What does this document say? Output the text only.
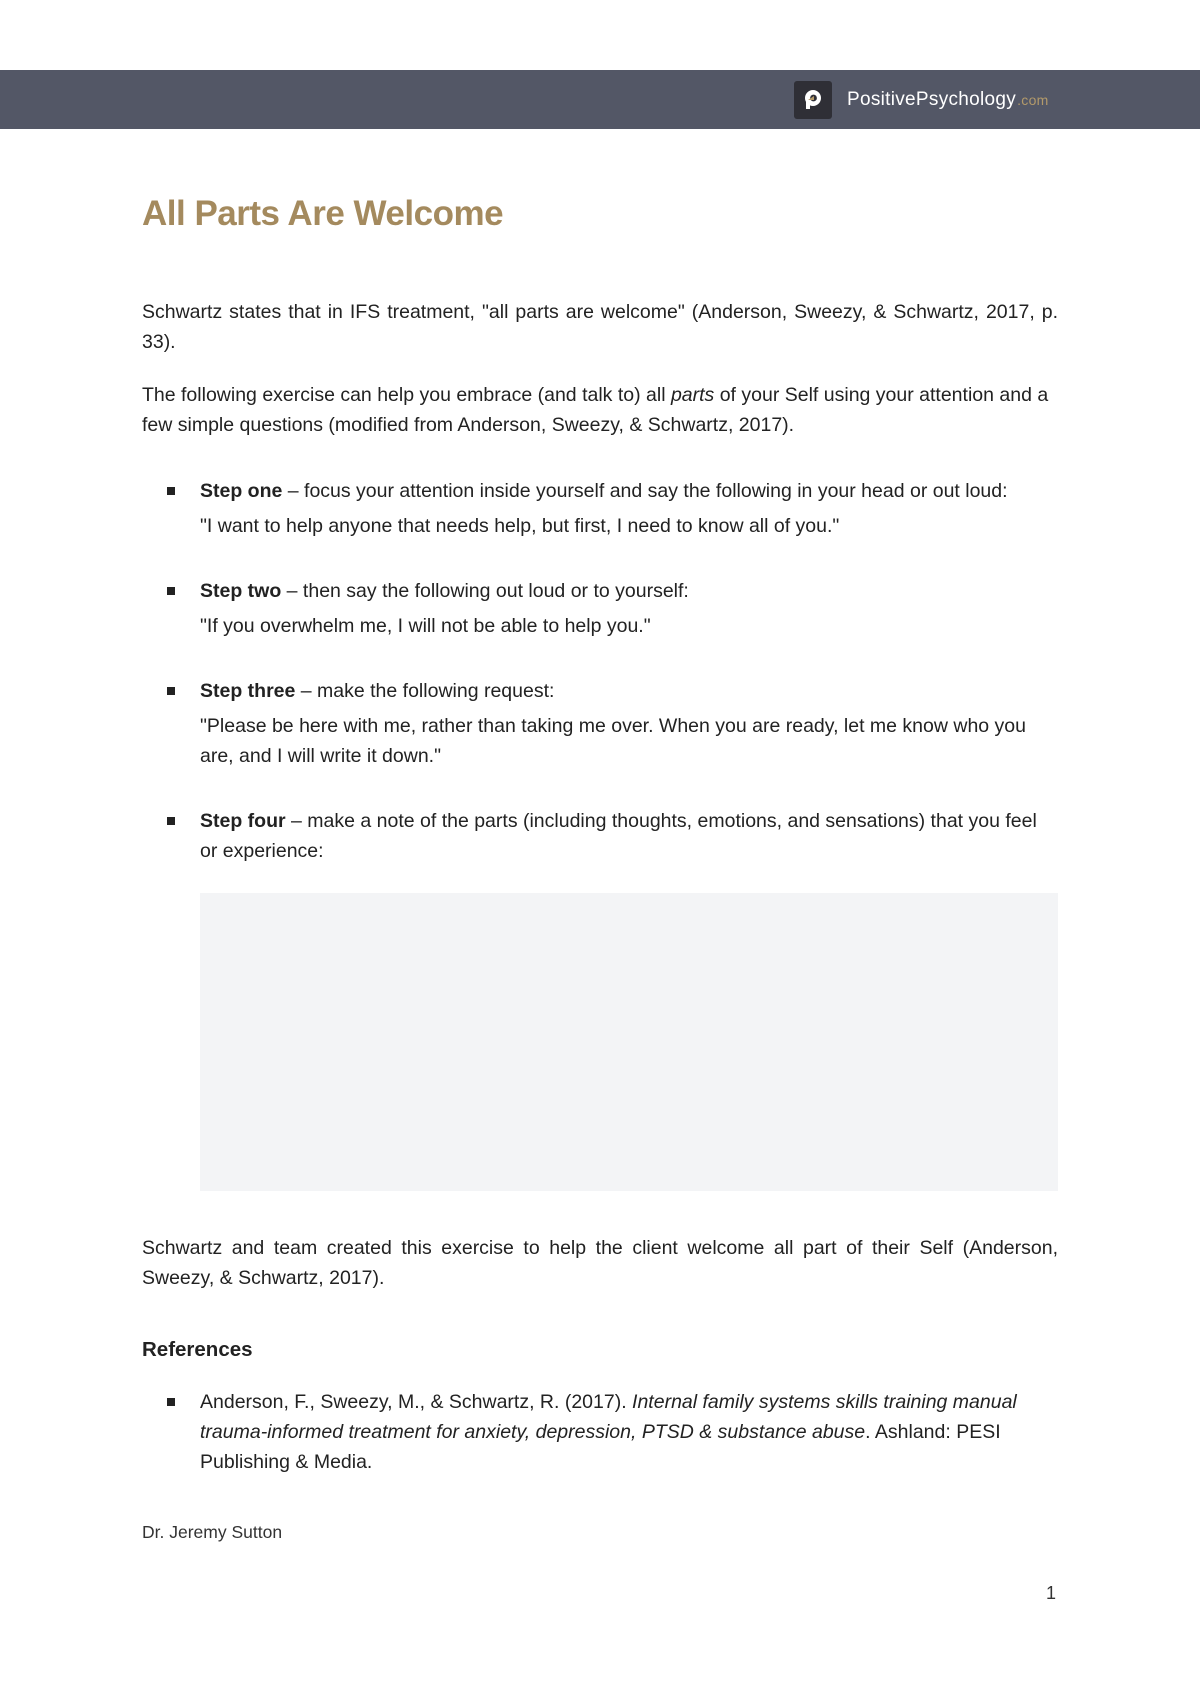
PositivePsychology.com
All Parts Are Welcome

Schwartz states that in IFS treatment, "all parts are welcome" (Anderson, Sweezy, & Schwartz, 2017, p. 33).

The following exercise can help you embrace (and talk to) all parts of your Self using your attention and a few simple questions (modified from Anderson, Sweezy, & Schwartz, 2017).

Step one – focus your attention inside yourself and say the following in your head or out loud:
"I want to help anyone that needs help, but first, I need to know all of you."
Step two – then say the following out loud or to yourself:
"If you overwhelm me, I will not be able to help you."
Step three – make the following request:
"Please be here with me, rather than taking me over. When you are ready, let me know who you are, and I will write it down."
Step four – make a note of the parts (including thoughts, emotions, and sensations) that you feel or experience:

Schwartz and team created this exercise to help the client welcome all part of their Self (Anderson, Sweezy, & Schwartz, 2017).

References
Anderson, F., Sweezy, M., & Schwartz, R. (2017). Internal family systems skills training manual trauma-informed treatment for anxiety, depression, PTSD & substance abuse. Ashland: PESI Publishing & Media.
Dr. Jeremy Sutton
1
